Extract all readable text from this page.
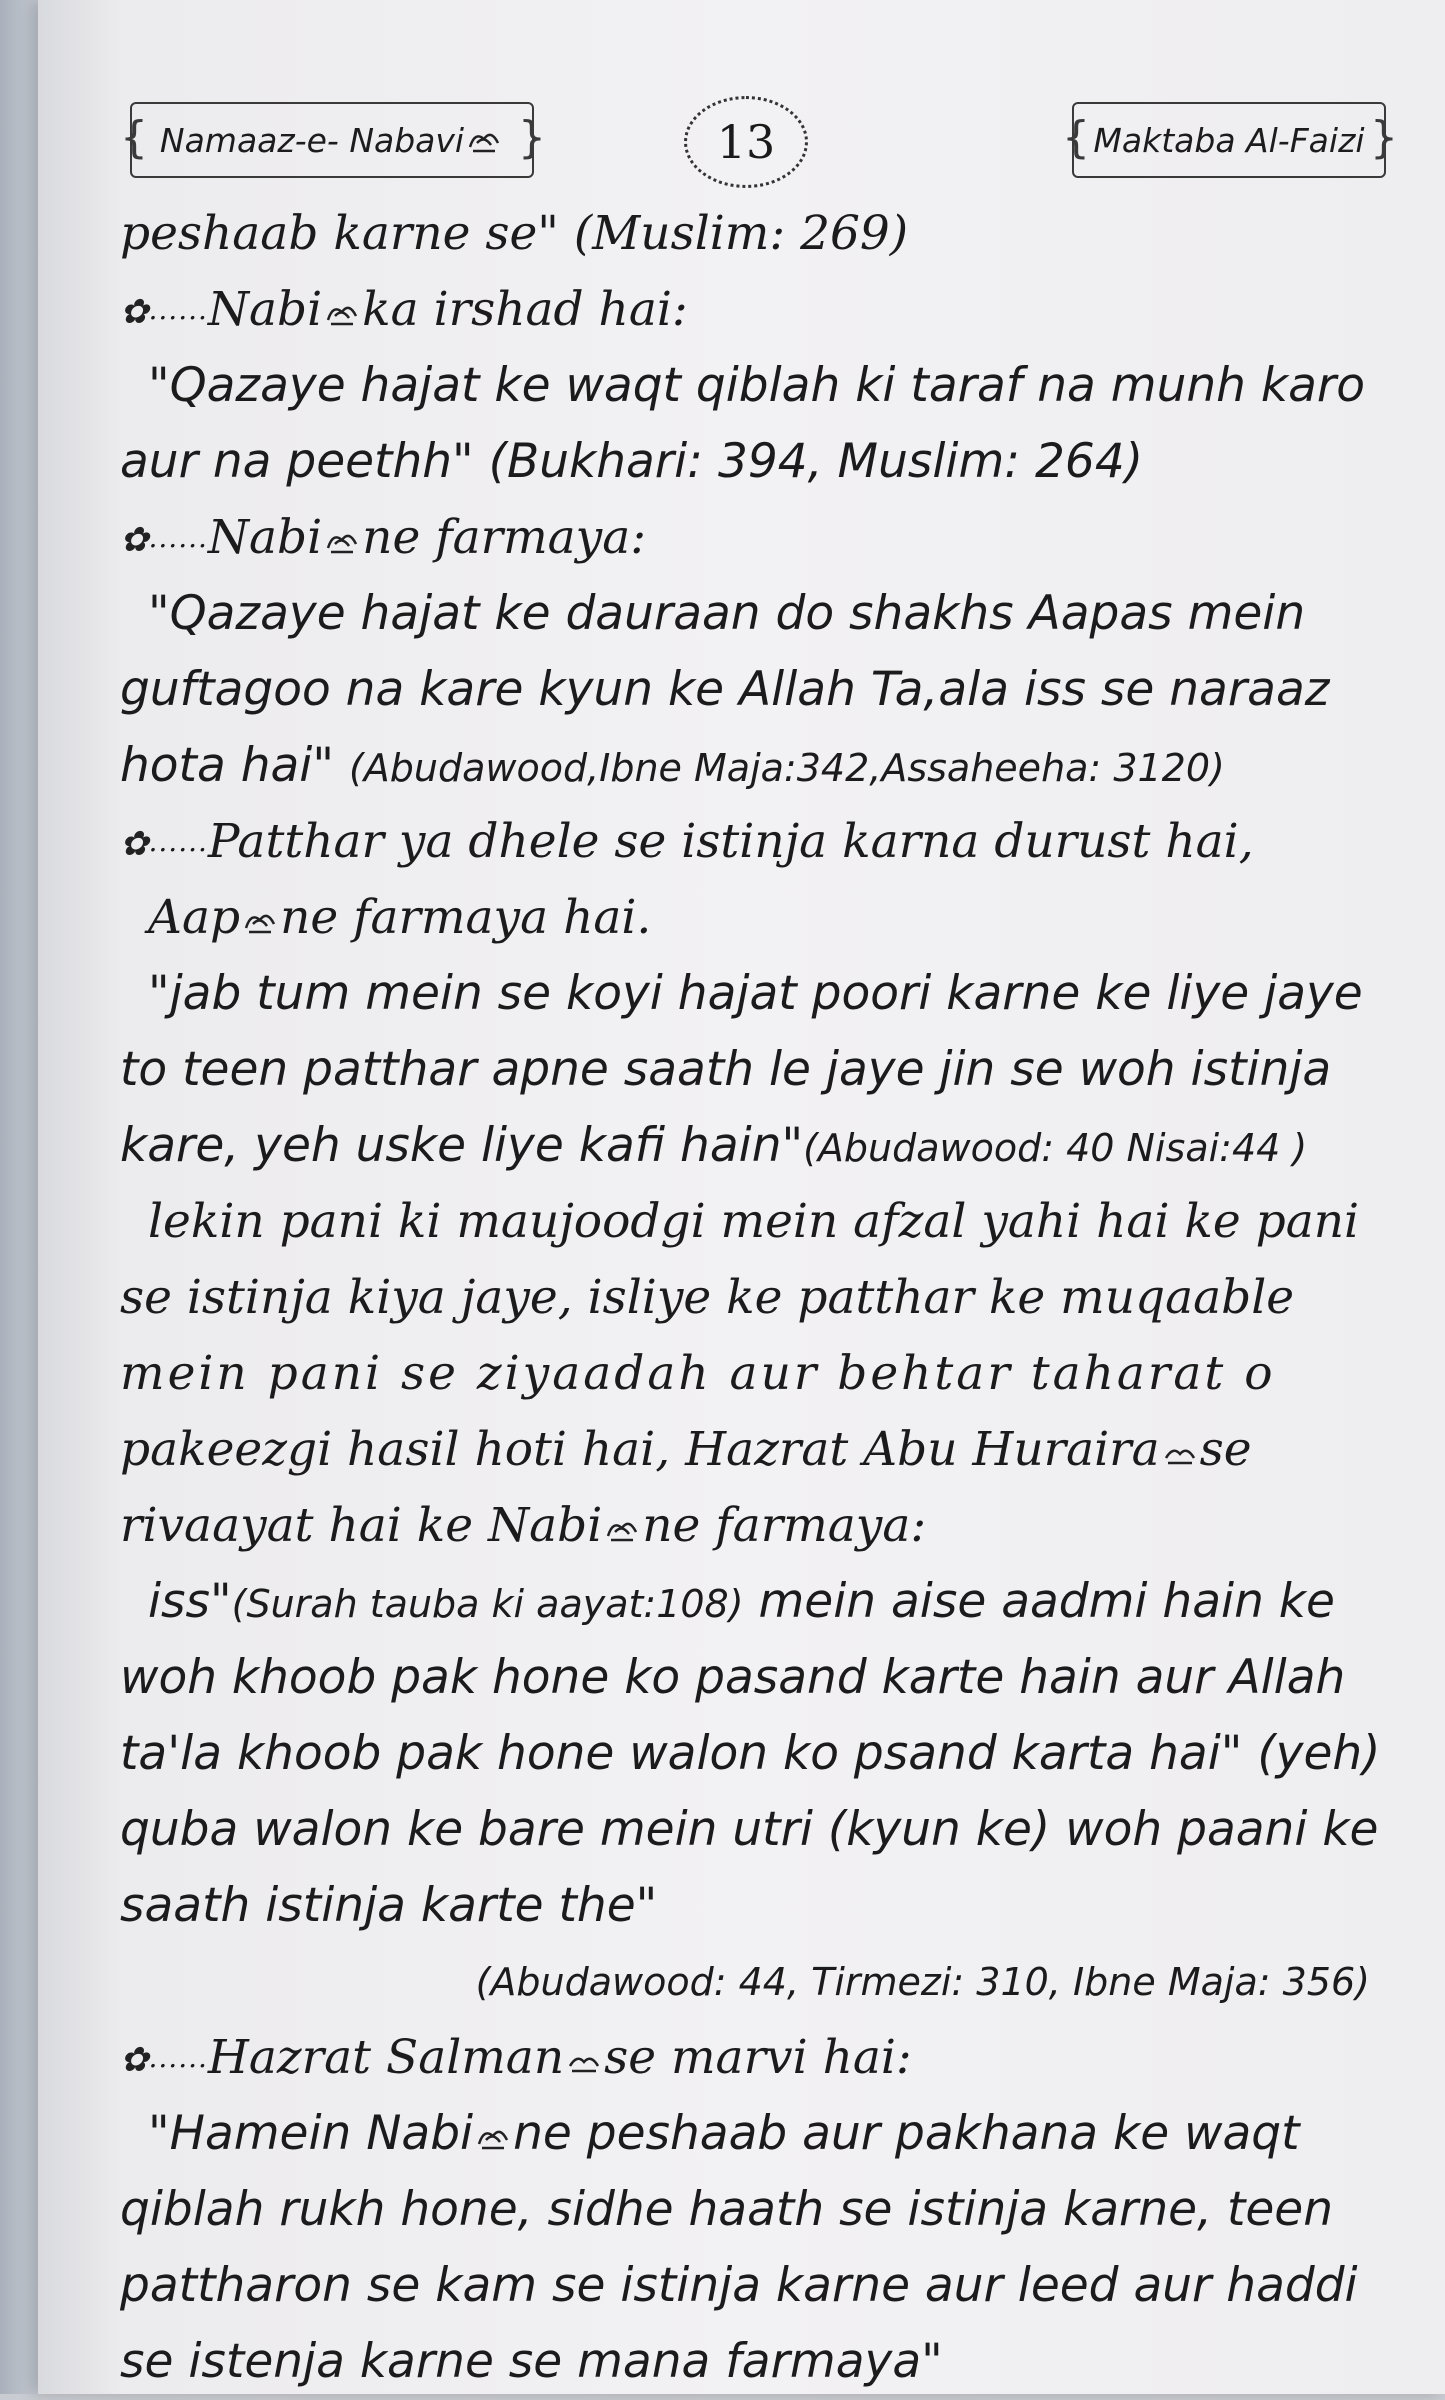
{ Namaaz-e- Nabavi }	13	{ Maktaba Al-Faizi }
peshaab karne se" (Muslim: 269)
✿......Nabi ka irshad hai:
"Qazaye hajat ke waqt qiblah ki taraf na munh karo
aur na peethh" (Bukhari: 394, Muslim: 264)
✿......Nabi ne farmaya:
"Qazaye hajat ke dauraan do shakhs Aapas mein
guftagoo na kare kyun ke Allah Ta,ala iss se naraaz
hota hai" (Abudawood,Ibne Maja:342,Assaheeha: 3120)
✿......Patthar ya dhele se istinja karna durust hai,
Aap ne farmaya hai.
"jab tum mein se koyi hajat poori karne ke liye jaye
to teen patthar apne saath le jaye jin se woh istinja
kare, yeh uske liye kafi hain"(Abudawood: 40 Nisai:44 )
lekin pani ki maujoodgi mein afzal yahi hai ke pani
se istinja kiya jaye, isliye ke patthar ke muqaable
mein pani se ziyaadah aur behtar taharat o
pakeezgi hasil hoti hai, Hazrat Abu Huraira se
rivaayat hai ke Nabi ne farmaya:
iss"(Surah tauba ki aayat:108) mein aise aadmi hain ke
woh khoob pak hone ko pasand karte hain aur Allah
ta'la khoob pak hone walon ko psand karta hai" (yeh)
quba walon ke bare mein utri (kyun ke) woh paani ke
saath istinja karte the"
(Abudawood: 44, Tirmezi: 310, Ibne Maja: 356)
✿......Hazrat Salman se marvi hai:
"Hamein Nabi ne peshaab aur pakhana ke waqt
qiblah rukh hone, sidhe haath se istinja karne, teen
pattharon se kam se istinja karne aur leed aur haddi
se istenja karne se mana farmaya"
